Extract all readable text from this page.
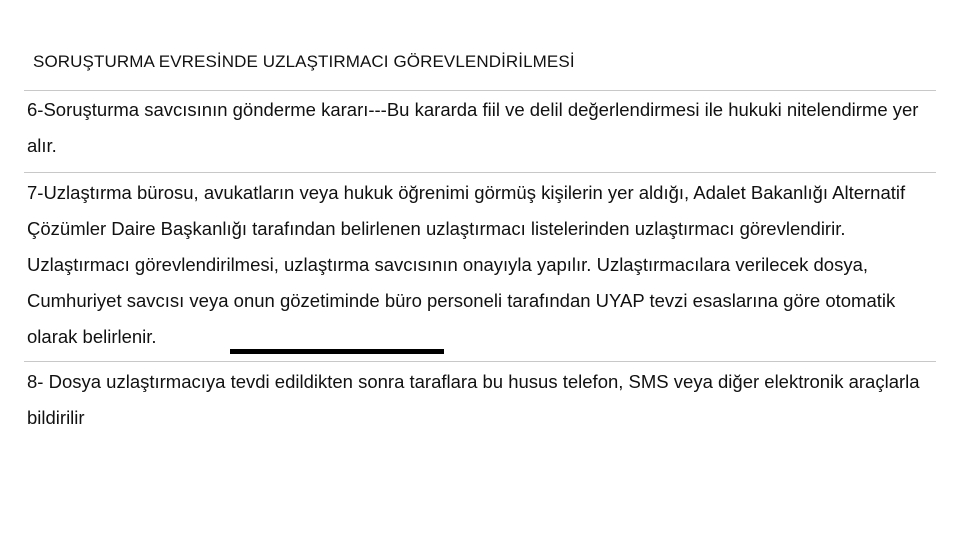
SORUŞTURMA EVRESİNDE UZLAŞTIRMACI GÖREVLENDİRİLMESİ

6-Soruşturma savcısının gönderme kararı---Bu kararda fiil ve delil değerlendirmesi ile hukuki nitelendirme yer alır.

7-Uzlaştırma bürosu, avukatların veya hukuk öğrenimi görmüş kişilerin yer aldığı, Adalet Bakanlığı Alternatif Çözümler Daire Başkanlığı tarafından belirlenen uzlaştırmacı listelerinden uzlaştırmacı görevlendirir. Uzlaştırmacı görevlendirilmesi, uzlaştırma savcısının onayıyla yapılır. Uzlaştırmacılara verilecek dosya, Cumhuriyet savcısı veya onun gözetiminde büro personeli tarafından UYAP tevzi esaslarına göre otomatik olarak belirlenir.

8- Dosya uzlaştırmacıya tevdi edildikten sonra taraflara bu husus telefon, SMS veya diğer elektronik araçlarla bildirilir
